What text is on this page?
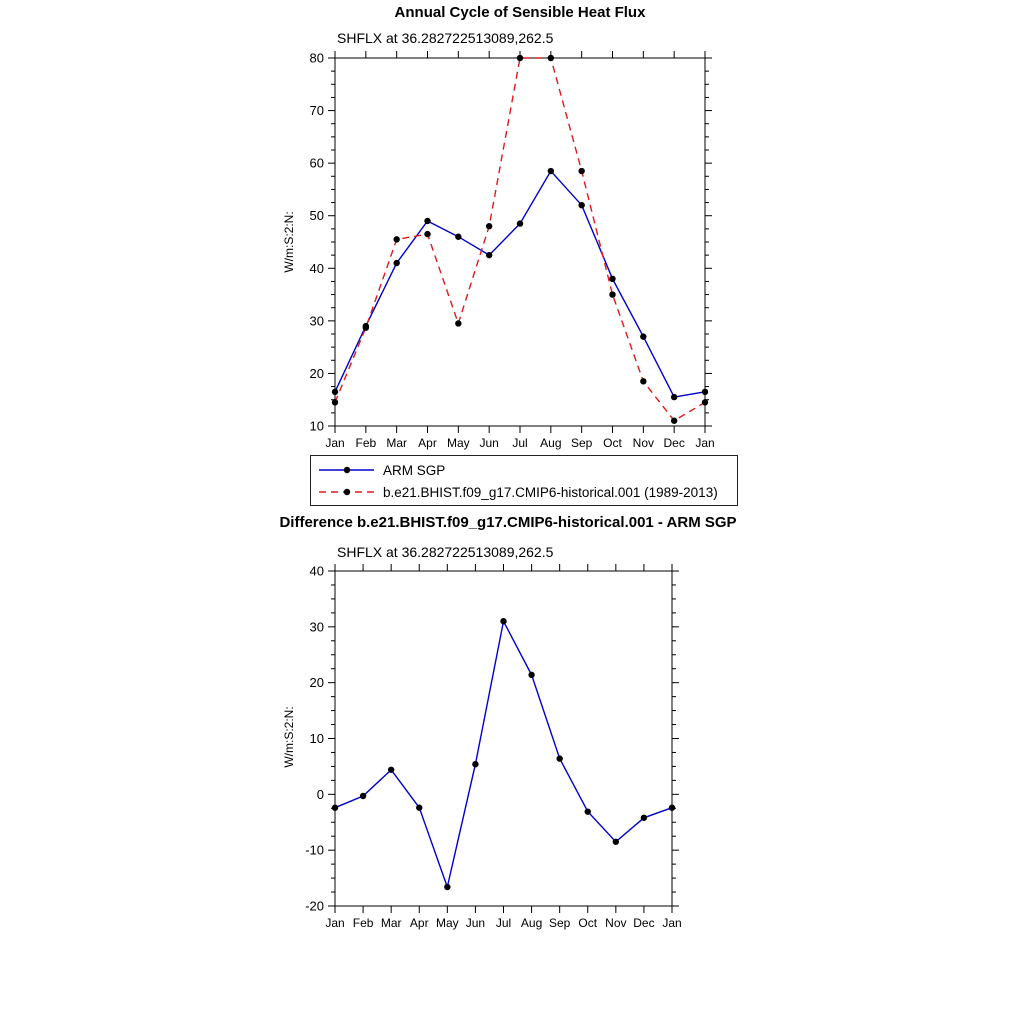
Annual Cycle of Sensible Heat Flux
SHFLX at 36.282722513089,262.5
W/m:S:2:N:
10
20
30
40
50
60
70
80
Jan Feb Mar Apr May Jun Jul Aug Sep Oct Nov Dec Jan
ARM SGP
b.e21.BHIST.f09_g17.CMIP6-historical.001 (1989-2013)
Difference b.e21.BHIST.f09_g17.CMIP6-historical.001 - ARM SGP
SHFLX at 36.282722513089,262.5
W/m:S:2:N:
-20
-10
0
10
20
30
40
Jan Feb Mar Apr May Jun Jul Aug Sep Oct Nov Dec Jan
